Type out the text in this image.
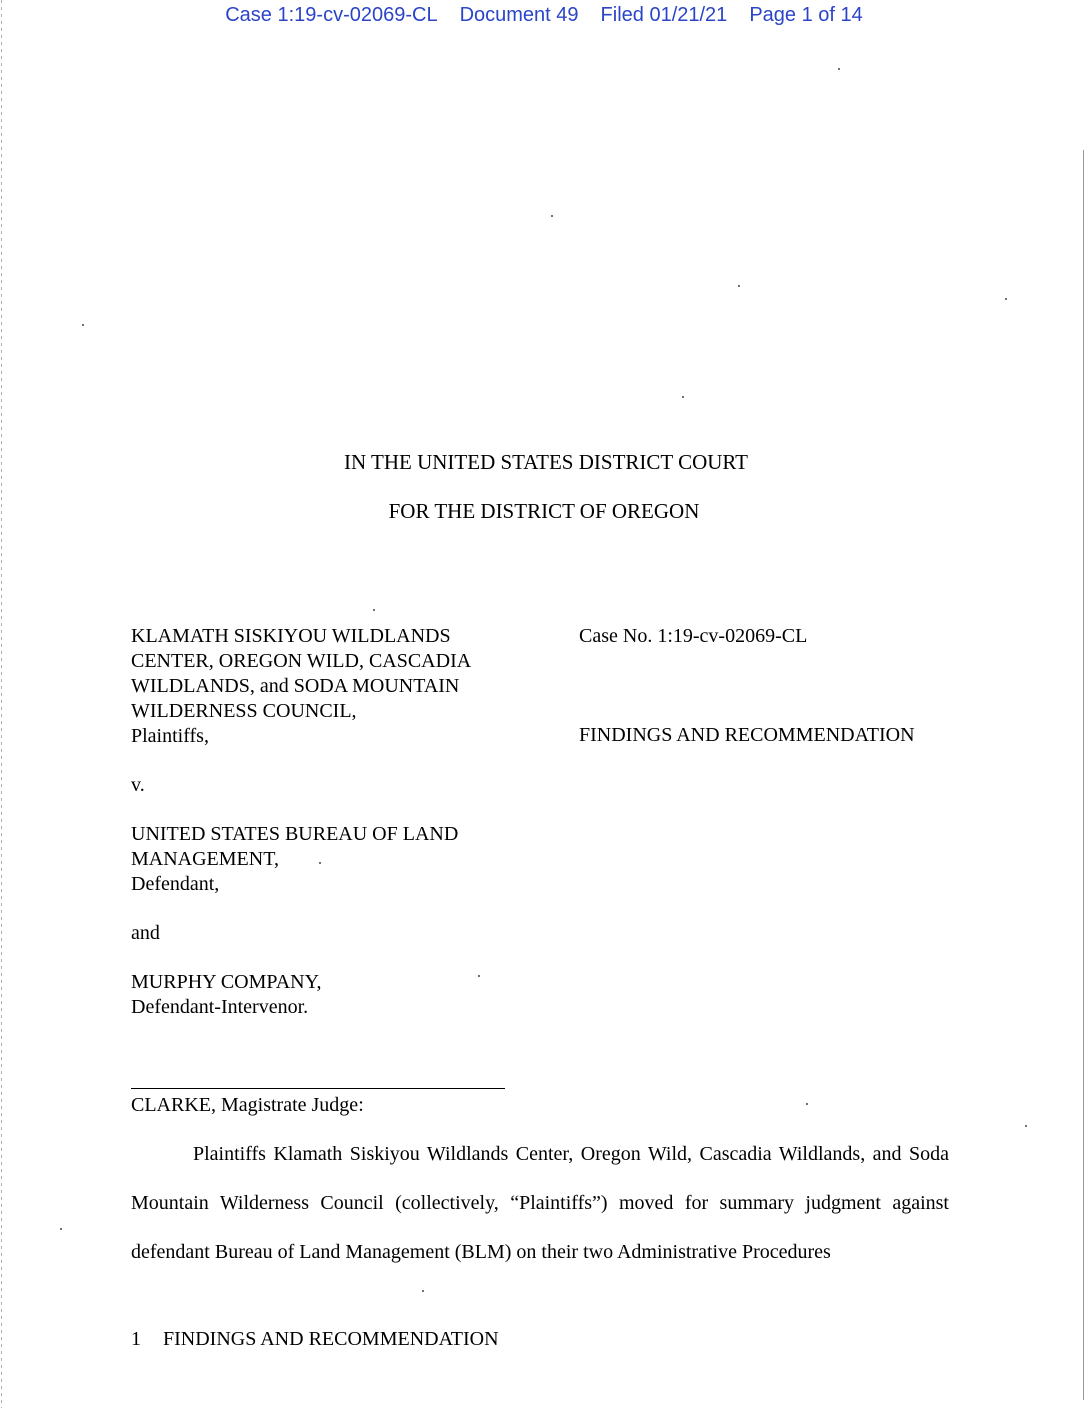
Case 1:19-cv-02069-CL Document 49 Filed 01/21/21 Page 1 of 14
IN THE UNITED STATES DISTRICT COURT
FOR THE DISTRICT OF OREGON
KLAMATH SISKIYOU WILDLANDS
CENTER, OREGON WILD, CASCADIA
WILDLANDS, and SODA MOUNTAIN
WILDERNESS COUNCIL,
Plaintiffs,
v.
UNITED STATES BUREAU OF LAND
MANAGEMENT,
Defendant,
and
MURPHY COMPANY,
Defendant-Intervenor.
Case No. 1:19-cv-02069-CL
FINDINGS AND RECOMMENDATION
CLARKE, Magistrate Judge:
Plaintiffs Klamath Siskiyou Wildlands Center, Oregon Wild, Cascadia Wildlands, and Soda Mountain Wilderness Council (collectively, “Plaintiffs”) moved for summary judgment against defendant Bureau of Land Management (BLM) on their two Administrative Procedures
1 FINDINGS AND RECOMMENDATION
